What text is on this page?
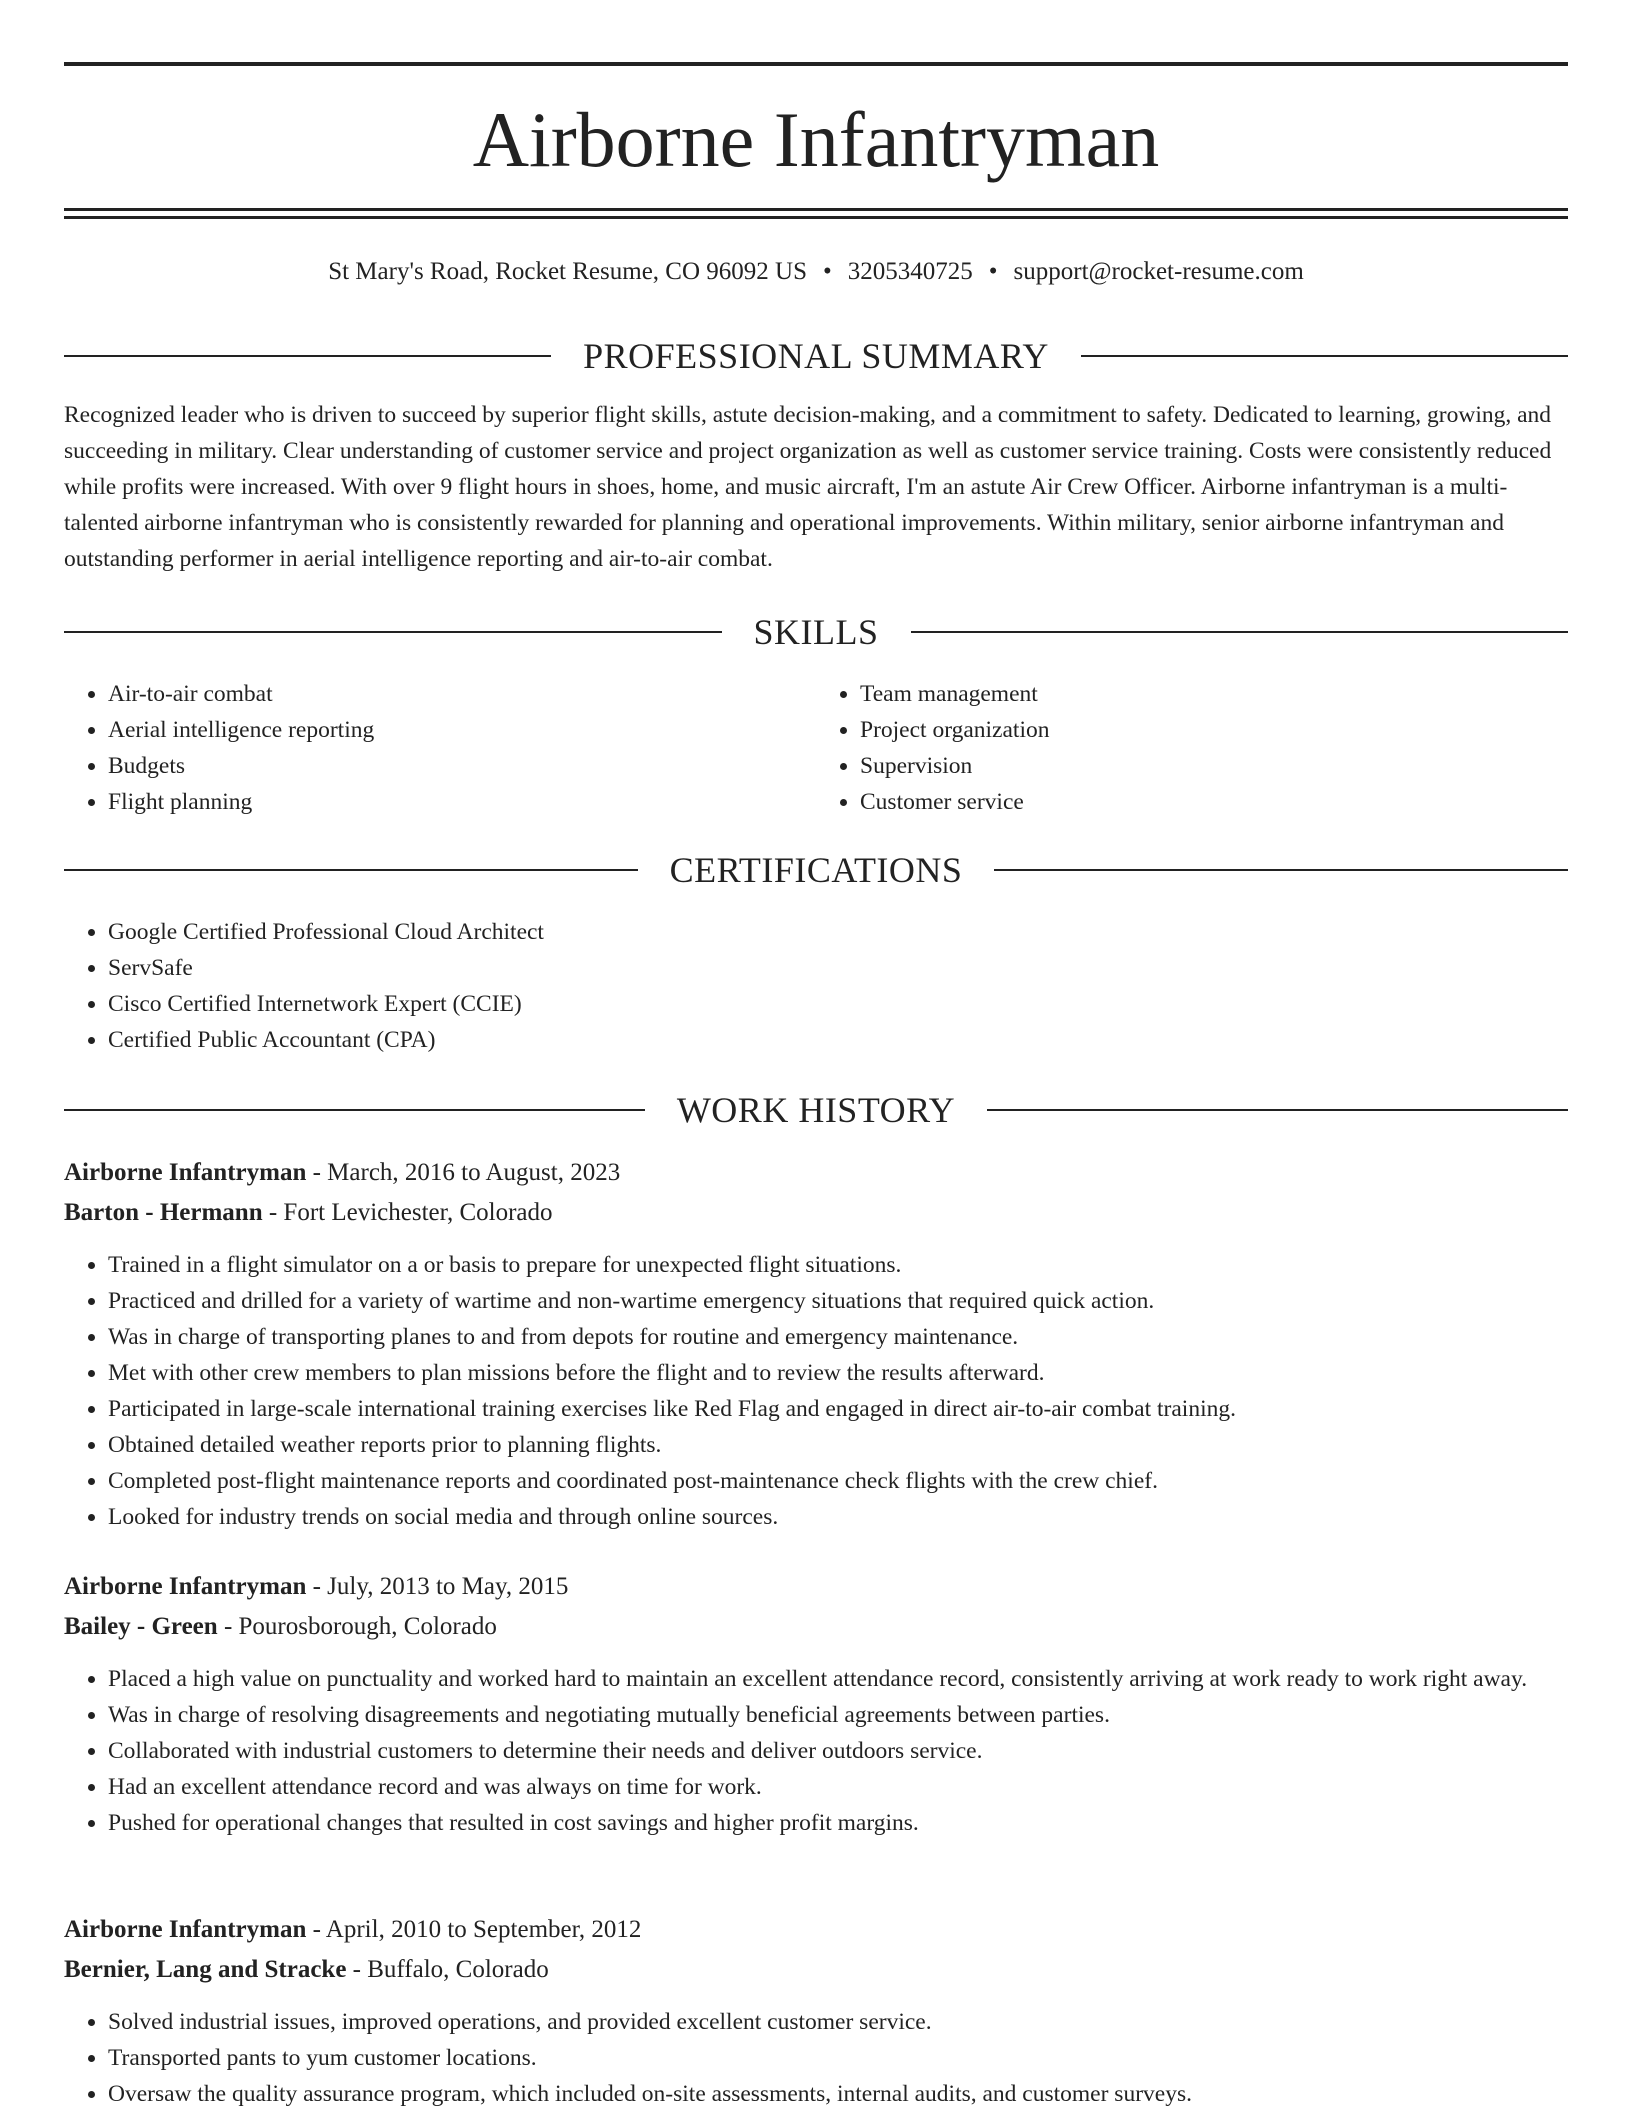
Airborne Infantryman
St Mary's Road, Rocket Resume, CO 96092 US • 3205340725 • support@rocket-resume.com
PROFESSIONAL SUMMARY

Recognized leader who is driven to succeed by superior flight skills, astute decision-making, and a commitment to safety. Dedicated to learning, growing, and succeeding in military. Clear understanding of customer service and project organization as well as customer service training. Costs were consistently reduced while profits were increased. With over 9 flight hours in shoes, home, and music aircraft, I'm an astute Air Crew Officer. Airborne infantryman is a multi-talented airborne infantryman who is consistently rewarded for planning and operational improvements. Within military, senior airborne infantryman and outstanding performer in aerial intelligence reporting and air-to-air combat.

SKILLS
• Air-to-air combat
• Aerial intelligence reporting
• Budgets
• Flight planning
• Team management
• Project organization
• Supervision
• Customer service
CERTIFICATIONS
• Google Certified Professional Cloud Architect
• ServSafe
• Cisco Certified Internetwork Expert (CCIE)
• Certified Public Accountant (CPA)
WORK HISTORY
Airborne Infantryman - March, 2016 to August, 2023
Barton - Hermann - Fort Levichester, Colorado
• Trained in a flight simulator on a or basis to prepare for unexpected flight situations.
• Practiced and drilled for a variety of wartime and non-wartime emergency situations that required quick action.
• Was in charge of transporting planes to and from depots for routine and emergency maintenance.
• Met with other crew members to plan missions before the flight and to review the results afterward.
• Participated in large-scale international training exercises like Red Flag and engaged in direct air-to-air combat training.
• Obtained detailed weather reports prior to planning flights.
• Completed post-flight maintenance reports and coordinated post-maintenance check flights with the crew chief.
• Looked for industry trends on social media and through online sources.
Airborne Infantryman - July, 2013 to May, 2015
Bailey - Green - Pourosborough, Colorado
• Placed a high value on punctuality and worked hard to maintain an excellent attendance record, consistently arriving at work ready to work right away.
• Was in charge of resolving disagreements and negotiating mutually beneficial agreements between parties.
• Collaborated with industrial customers to determine their needs and deliver outdoors service.
• Had an excellent attendance record and was always on time for work.
• Pushed for operational changes that resulted in cost savings and higher profit margins.
Airborne Infantryman - April, 2010 to September, 2012
Bernier, Lang and Stracke - Buffalo, Colorado
• Solved industrial issues, improved operations, and provided excellent customer service.
• Transported pants to yum customer locations.
• Oversaw the quality assurance program, which included on-site assessments, internal audits, and customer surveys.
